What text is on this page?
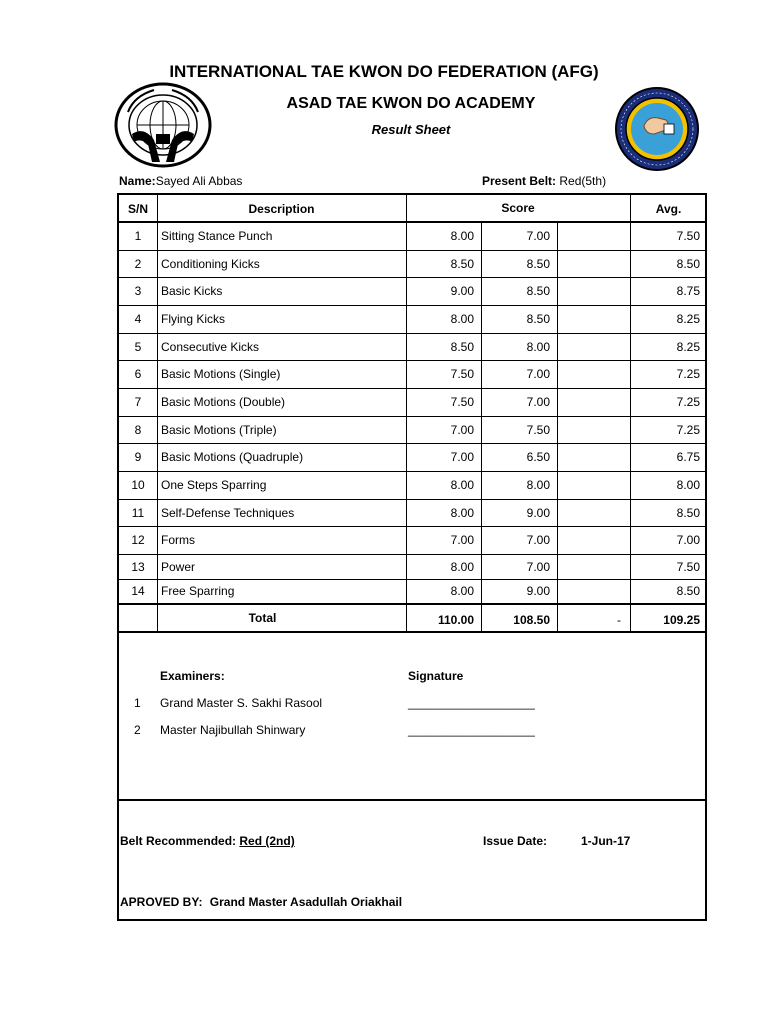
INTERNATIONAL TAE KWON DO FEDERATION (AFG)
ASAD TAE KWON DO ACADEMY
Result Sheet
Name:Sayed Ali Abbas	Present Belt: Red(5th)
S/N	Description	Score	Avg.
1	Sitting Stance Punch	8.00	7.00	7.50
2	Conditioning Kicks	8.50	8.50	8.50
3	Basic Kicks	9.00	8.50	8.75
4	Flying Kicks	8.00	8.50	8.25
5	Consecutive Kicks	8.50	8.00	8.25
6	Basic Motions (Single)	7.50	7.00	7.25
7	Basic Motions (Double)	7.50	7.00	7.25
8	Basic Motions (Triple)	7.00	7.50	7.25
9	Basic Motions (Quadruple)	7.00	6.50	6.75
10	One Steps Sparring	8.00	8.00	8.00
11	Self-Defense Techniques	8.00	9.00	8.50
12	Forms	7.00	7.00	7.00
13	Power	8.00	7.00	7.50
14	Free Sparring	8.00	9.00	8.50
Total	110.00	108.50	-	109.25
Examiners:	Signature
1 Grand Master S. Sakhi Rasool	___________________
2 Master Najibullah Shinwary	___________________
Belt Recommended: Red (2nd)	Issue Date:	1-Jun-17
APROVED BY: Grand Master Asadullah Oriakhail
